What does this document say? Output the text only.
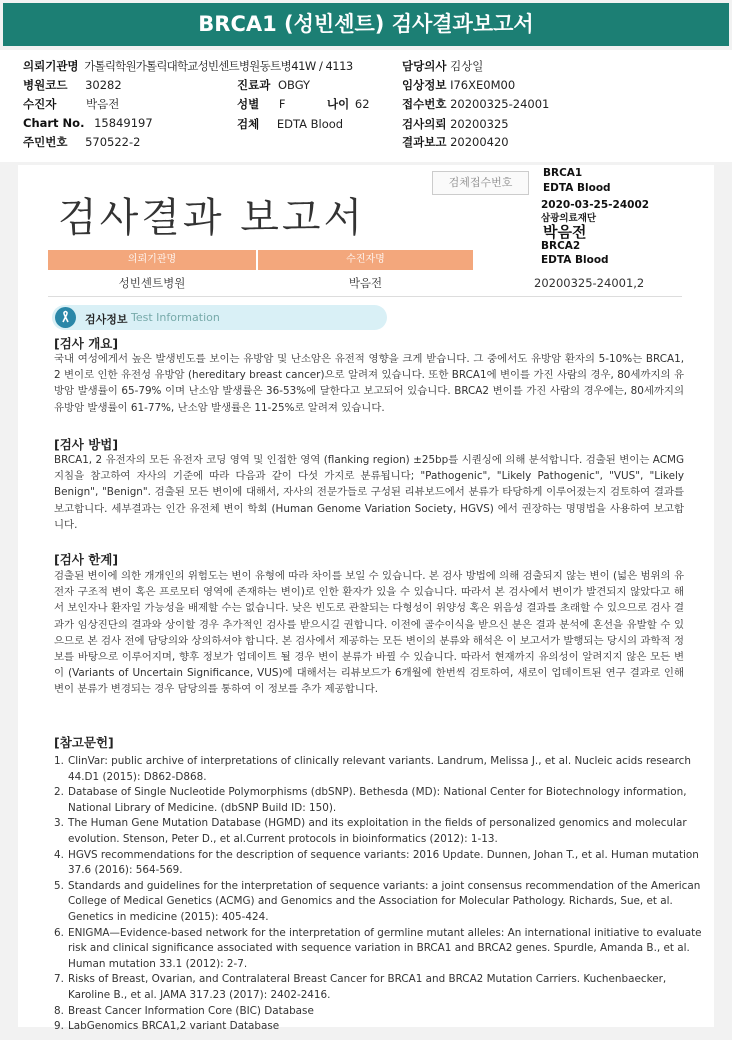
BRCA1 (성빈센트) 검사결과보고서
의뢰기관명 가톨릭학원가톨릭대학교성빈센트병원동트병41W / 4113	담당의사 김상일
병원코드 30282	진료과 OBGY	임상정보 I76XE0M00
수진자	박음전	성별 F	나이 62	접수번호 20200325-24001
Chart No. 15849197	검체 EDTA Blood	검사의뢰 20200325
주민번호 570522-2	결과보고 20200420
검사결과 보고서
검체접수번호
BRCA1
EDTA Blood
2020-03-25-24002
삼광의료재단
박음전
BRCA2
EDTA Blood
의뢰기관명	수진자명
성빈센트병원	박음전	20200325-24001,2
검사정보 Test Information
[검사 개요]
국내 여성에게서 높은 발생빈도를 보이는 유방암 및 난소암은 유전적 영향을 크게 받습니다. 그 중에서도 유방암 환자의 5-10%는 BRCA1, 2 변이로 인한 유전성 유방암 (hereditary breast cancer)으로 알려져 있습니다. 또한 BRCA1에 변이를 가진 사람의 경우, 80세까지의 유방암 발생률이 65-79% 이며 난소암 발생률은 36-53%에 달한다고 보고되어 있습니다. BRCA2 변이를 가진 사람의 경우에는, 80세까지의 유방암 발생률이 61-77%, 난소암 발생률은 11-25%로 알려져 있습니다.
[검사 방법]
BRCA1, 2 유전자의 모든 유전자 코딩 영역 및 인접한 영역 (flanking region) ±25bp를 시퀀싱에 의해 분석합니다. 검출된 변이는 ACMG 지침을 참고하여 자사의 기준에 따라 다음과 같이 다섯 가지로 분류됩니다; "Pathogenic", "Likely Pathogenic", "VUS", "Likely Benign", "Benign". 검출된 모든 변이에 대해서, 자사의 전문가들로 구성된 리뷰보드에서 분류가 타당하게 이루어졌는지 검토하여 결과를 보고합니다. 세부결과는 인간 유전체 변이 학회 (Human Genome Variation Society, HGVS) 에서 권장하는 명명법을 사용하여 보고합니다.
[검사 한계]
검출된 변이에 의한 개개인의 위험도는 변이 유형에 따라 차이를 보일 수 있습니다. 본 검사 방법에 의해 검출되지 않는 변이 (넓은 범위의 유전자 구조적 변이 혹은 프로모터 영역에 존재하는 변이)로 인한 환자가 있을 수 있습니다. 따라서 본 검사에서 변이가 발견되지 않았다고 해서 보인자나 환자일 가능성을 배제할 수는 없습니다. 낮은 빈도로 관찰되는 다형성이 위양성 혹은 위음성 결과를 초래할 수 있으므로 검사 결과가 임상진단의 결과와 상이할 경우 추가적인 검사를 받으시길 권합니다. 이전에 골수이식을 받으신 분은 결과 분석에 혼선을 유발할 수 있으므로 본 검사 전에 담당의와 상의하셔야 합니다. 본 검사에서 제공하는 모든 변이의 분류와 해석은 이 보고서가 발행되는 당시의 과학적 정보를 바탕으로 이루어지며, 향후 정보가 업데이트 될 경우 변이 분류가 바뀔 수 있습니다. 따라서 현재까지 유의성이 알려지지 않은 모든 변이 (Variants of Uncertain Significance, VUS)에 대해서는 리뷰보드가 6개월에 한번씩 검토하여, 새로이 업데이트된 연구 결과로 인해 변이 분류가 변경되는 경우 담당의를 통하여 이 정보를 추가 제공합니다.
[참고문헌]
1. ClinVar: public archive of interpretations of clinically relevant variants. Landrum, Melissa J., et al. Nucleic acids research 44.D1 (2015): D862-D868.
2. Database of Single Nucleotide Polymorphisms (dbSNP). Bethesda (MD): National Center for Biotechnology information, National Library of Medicine. (dbSNP Build ID: 150).
3. The Human Gene Mutation Database (HGMD) and its exploitation in the fields of personalized genomics and molecular evolution. Stenson, Peter D., et al.Current protocols in bioinformatics (2012): 1-13.
4. HGVS recommendations for the description of sequence variants: 2016 Update. Dunnen, Johan T., et al. Human mutation 37.6 (2016): 564-569.
5. Standards and guidelines for the interpretation of sequence variants: a joint consensus recommendation of the American College of Medical Genetics (ACMG) and Genomics and the Association for Molecular Pathology. Richards, Sue, et al. Genetics in medicine (2015): 405-424.
6. ENIGMA—Evidence-based network for the interpretation of germline mutant alleles: An international initiative to evaluate risk and clinical significance associated with sequence variation in BRCA1 and BRCA2 genes. Spurdle, Amanda B., et al. Human mutation 33.1 (2012): 2-7.
7. Risks of Breast, Ovarian, and Contralateral Breast Cancer for BRCA1 and BRCA2 Mutation Carriers. Kuchenbaecker, Karoline B., et al. JAMA 317.23 (2017): 2402-2416.
8. Breast Cancer Information Core (BIC) Database
9. LabGenomics BRCA1,2 variant Database
